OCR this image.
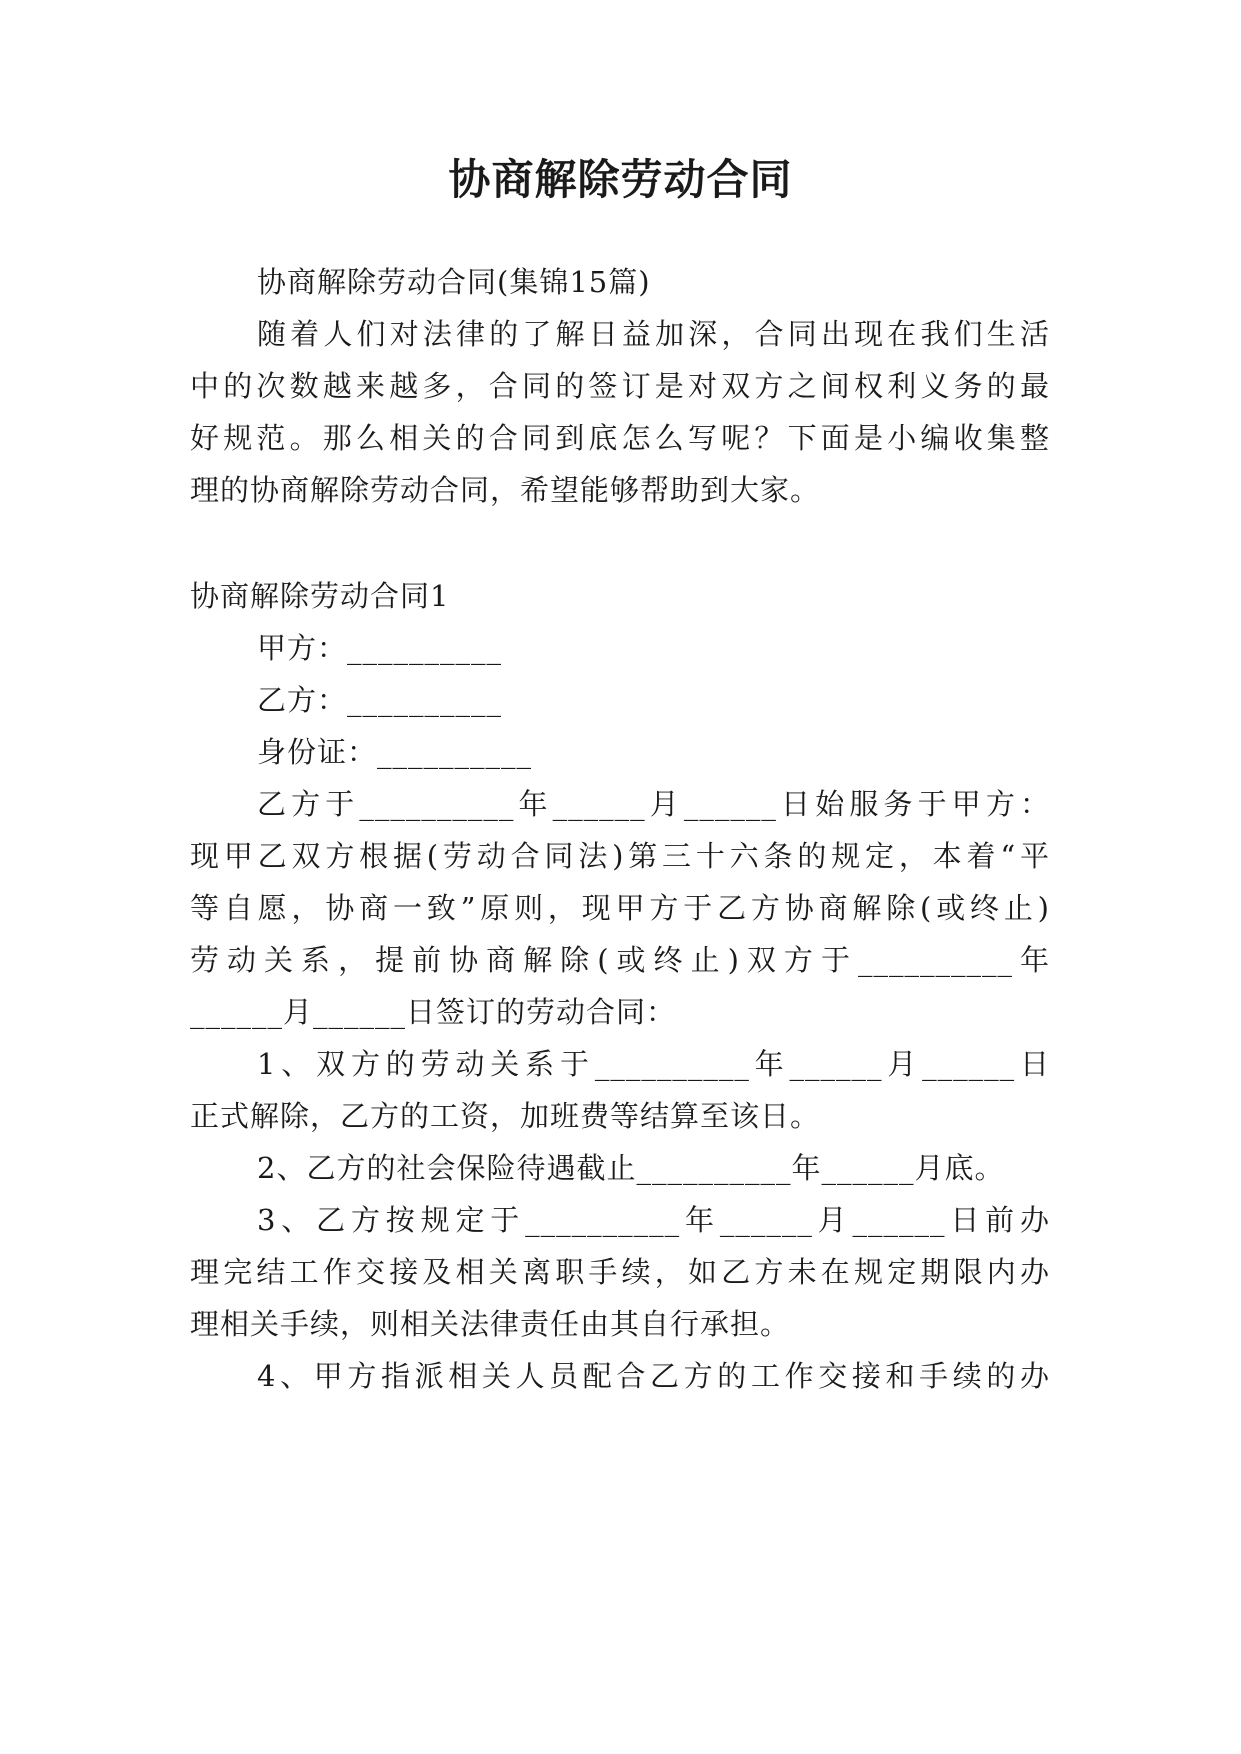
协商解除劳动合同
协商解除劳动合同(集锦15篇)
随着人们对法律的了解日益加深，合同出现在我们生活
中的次数越来越多，合同的签订是对双方之间权利义务的最
好规范。那么相关的合同到底怎么写呢？下面是小编收集整
理的协商解除劳动合同，希望能够帮助到大家。
协商解除劳动合同1
甲方：__________
乙方：__________
身份证：__________
乙方于__________年______月______日始服务于甲方：
现甲乙双方根据(劳动合同法)第三十六条的规定，本着“平
等自愿，协商一致”原则，现甲方于乙方协商解除(或终止)
劳动关系，提前协商解除(或终止)双方于__________年
______月______日签订的劳动合同：
1、双方的劳动关系于__________年______月______日
正式解除，乙方的工资，加班费等结算至该日。
2、乙方的社会保险待遇截止__________年______月底。
3、乙方按规定于__________年______月______日前办
理完结工作交接及相关离职手续，如乙方未在规定期限内办
理相关手续，则相关法律责任由其自行承担。
4、甲方指派相关人员配合乙方的工作交接和手续的办
